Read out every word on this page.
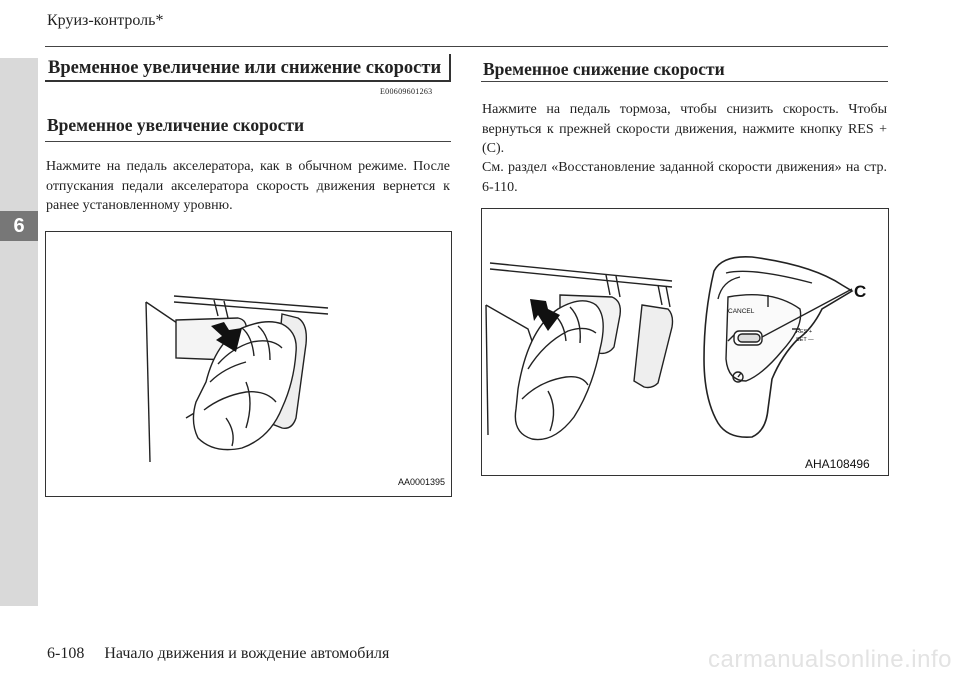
6
Круиз-контроль*
Временное увеличение или снижение скорости
E00609601263
Временное увеличение скорости
Нажмите на педаль акселератора, как в обычном режиме. После отпускания педали акселератора скорость движения вернется к ранее установленному уровню.
AA0001395
Временное снижение скорости
Нажмите на педаль тормоза, чтобы снизить скорость. Чтобы вернуться к прежней скорости движения, нажмите кнопку RES + (C).
См. раздел «Восстановление заданной скорости движения» на стр. 6-110.
CANCEL
RES +
SET —
C
AHA108496
6-108 Начало движения и вождение автомобиля	carmanualsonline.info
